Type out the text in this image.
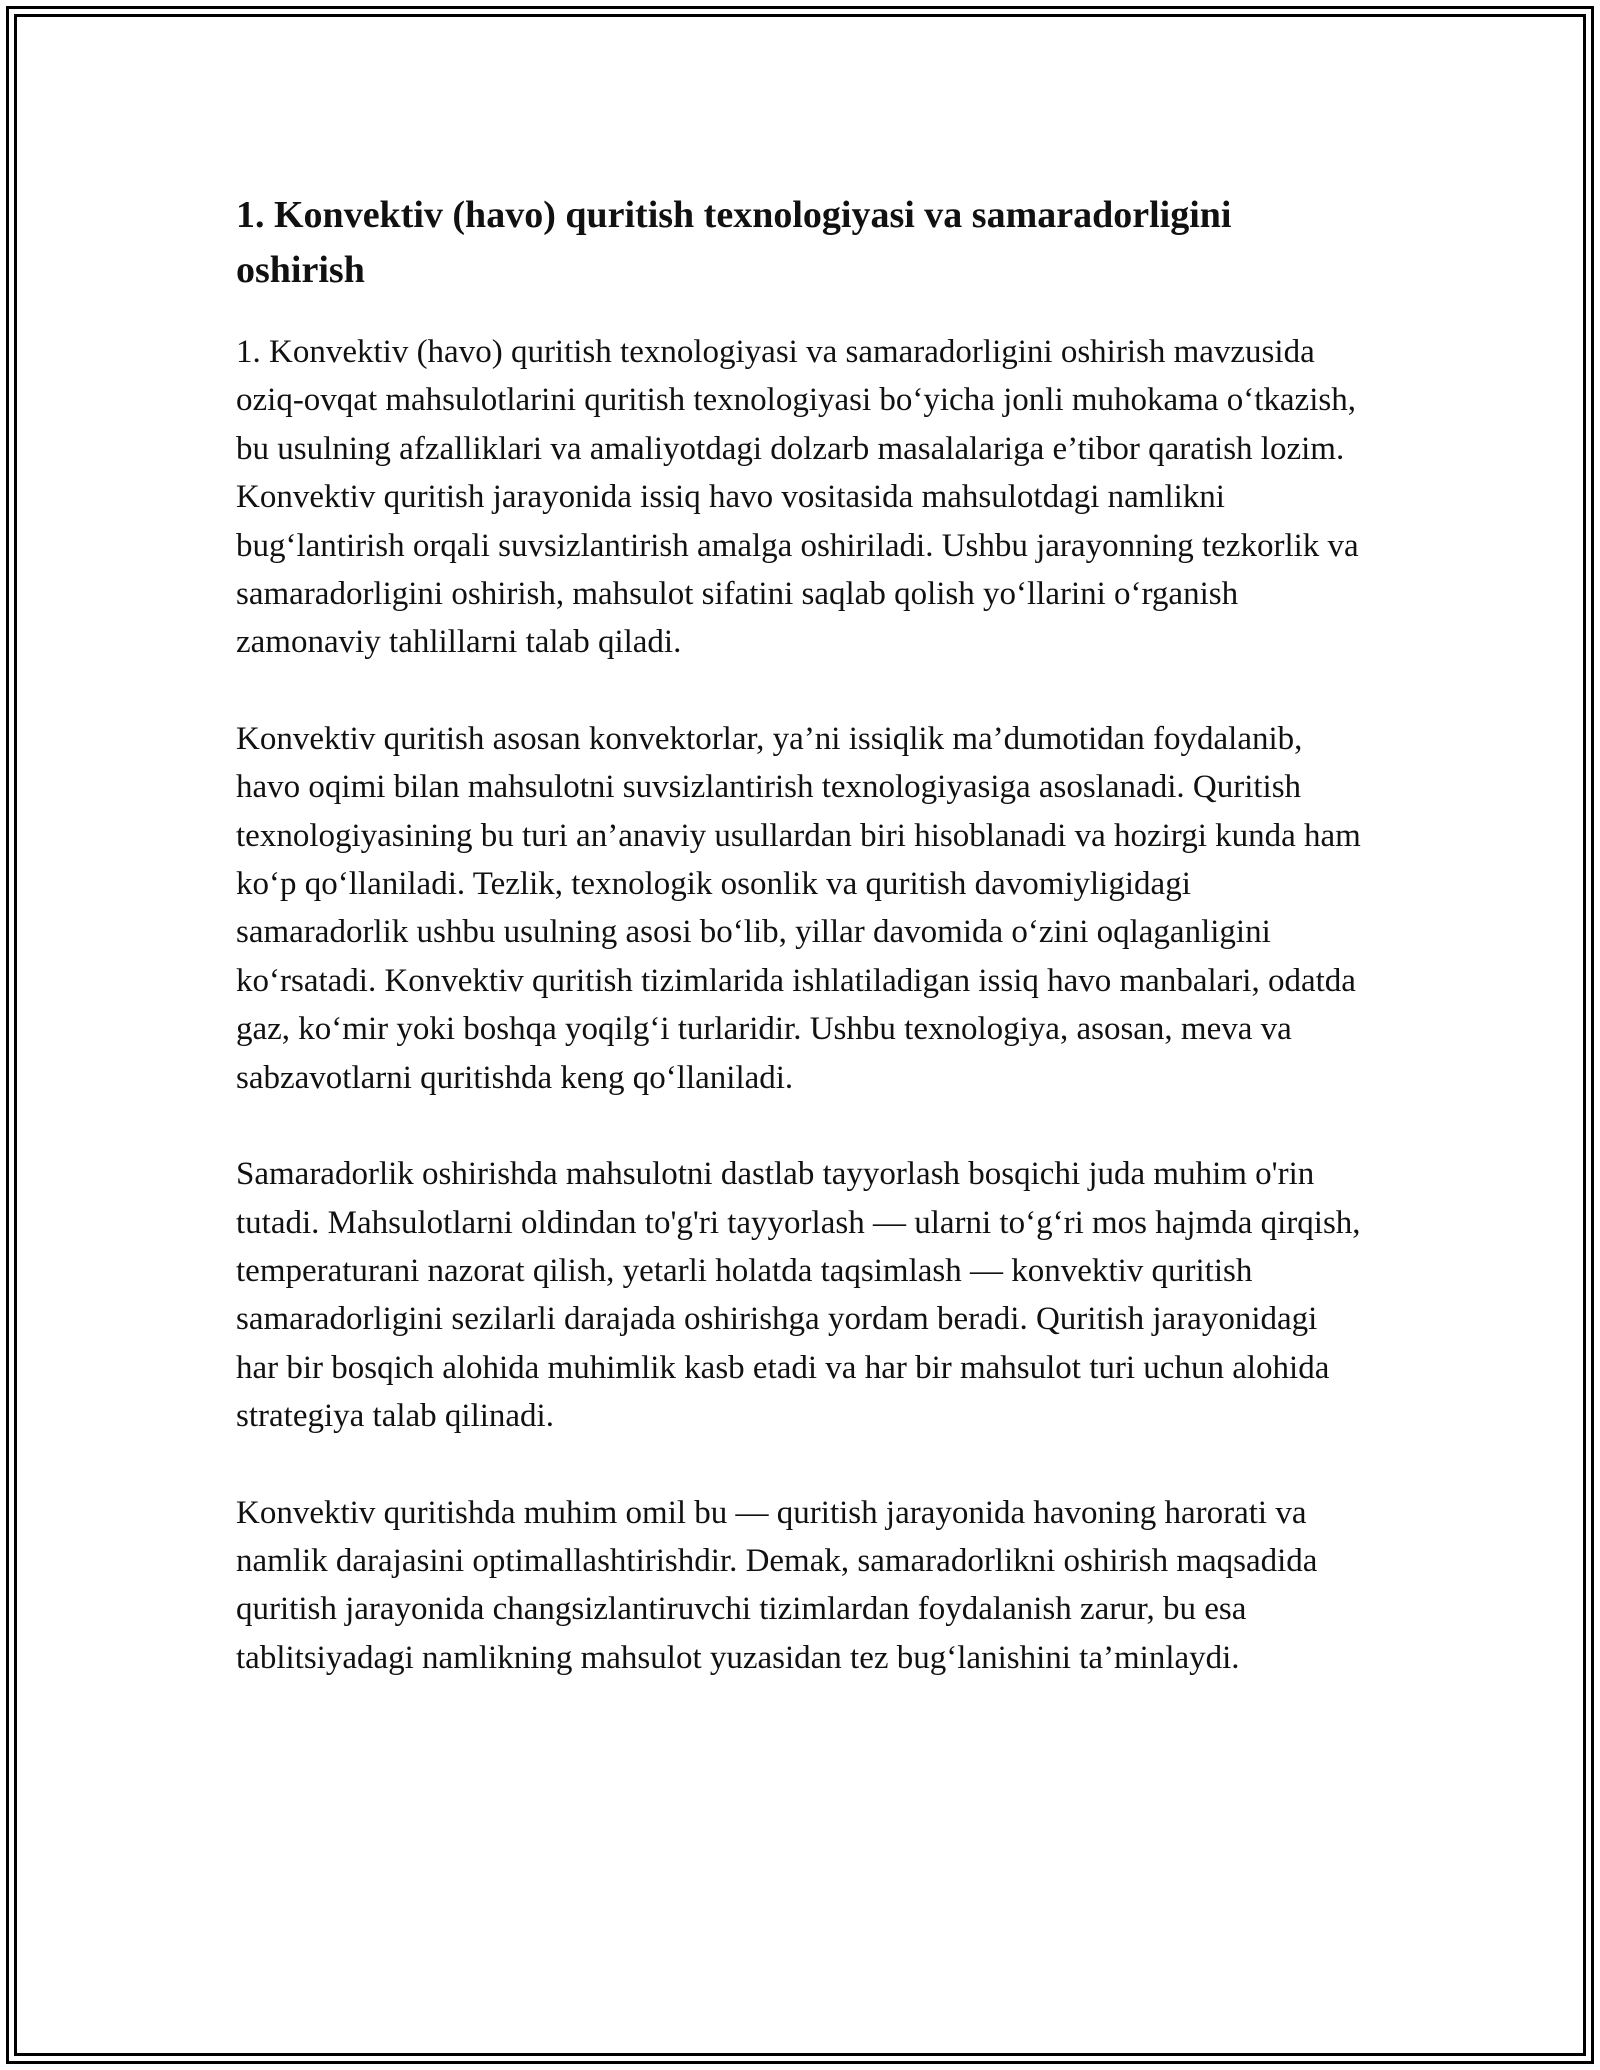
1. Konvektiv (havo) quritish texnologiyasi va samaradorligini oshirish

1. Konvektiv (havo) quritish texnologiyasi va samaradorligini oshirish mavzusida oziq-ovqat mahsulotlarini quritish texnologiyasi boʻyicha jonli muhokama oʻtkazish, bu usulning afzalliklari va amaliyotdagi dolzarb masalalariga e’tibor qaratish lozim. Konvektiv quritish jarayonida issiq havo vositasida mahsulotdagi namlikni bugʻlantirish orqali suvsizlantirish amalga oshiriladi. Ushbu jarayonning tezkorlik va samaradorligini oshirish, mahsulot sifatini saqlab qolish yoʻllarini oʻrganish zamonaviy tahlillarni talab qiladi.

Konvektiv quritish asosan konvektorlar, ya’ni issiqlik ma’dumotidan foydalanib, havo oqimi bilan mahsulotni suvsizlantirish texnologiyasiga asoslanadi. Quritish texnologiyasining bu turi an’anaviy usullardan biri hisoblanadi va hozirgi kunda ham koʻp qoʻllaniladi. Tezlik, texnologik osonlik va quritish davomiyligidagi samaradorlik ushbu usulning asosi boʻlib, yillar davomida oʻzini oqlaganligini koʻrsatadi. Konvektiv quritish tizimlarida ishlatiladigan issiq havo manbalari, odatda gaz, koʻmir yoki boshqa yoqilgʻi turlaridir. Ushbu texnologiya, asosan, meva va sabzavotlarni quritishda keng qoʻllaniladi.

Samaradorlik oshirishda mahsulotni dastlab tayyorlash bosqichi juda muhim o'rin tutadi. Mahsulotlarni oldindan to'g'ri tayyorlash — ularni toʻgʻri mos hajmda qirqish, temperaturani nazorat qilish, yetarli holatda taqsimlash — konvektiv quritish samaradorligini sezilarli darajada oshirishga yordam beradi. Quritish jarayonidagi har bir bosqich alohida muhimlik kasb etadi va har bir mahsulot turi uchun alohida strategiya talab qilinadi.

Konvektiv quritishda muhim omil bu — quritish jarayonida havoning harorati va namlik darajasini optimallashtirishdir. Demak, samaradorlikni oshirish maqsadida quritish jarayonida changsizlantiruvchi tizimlardan foydalanish zarur, bu esa tablitsiyadagi namlikning mahsulot yuzasidan tez bugʻlanishini ta’minlaydi.
